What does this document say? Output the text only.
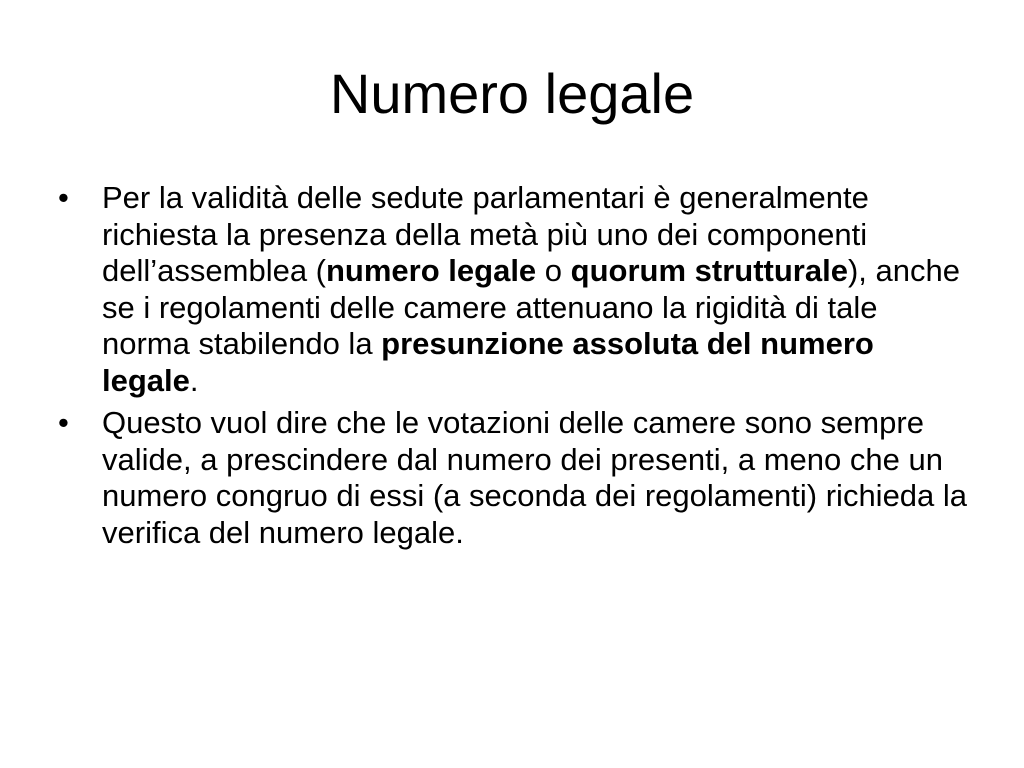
Numero legale
•	Per la validità delle sedute parlamentari è generalmente richiesta la presenza della metà più uno dei componenti dell’assemblea (numero legale o quorum strutturale), anche se i regolamenti delle camere attenuano la rigidità di tale norma stabilendo la presunzione assoluta del numero legale.
•	Questo vuol dire che le votazioni delle camere sono sempre valide, a prescindere dal numero dei presenti, a meno che un numero congruo di essi (a seconda dei regolamenti) richieda la verifica del numero legale.
